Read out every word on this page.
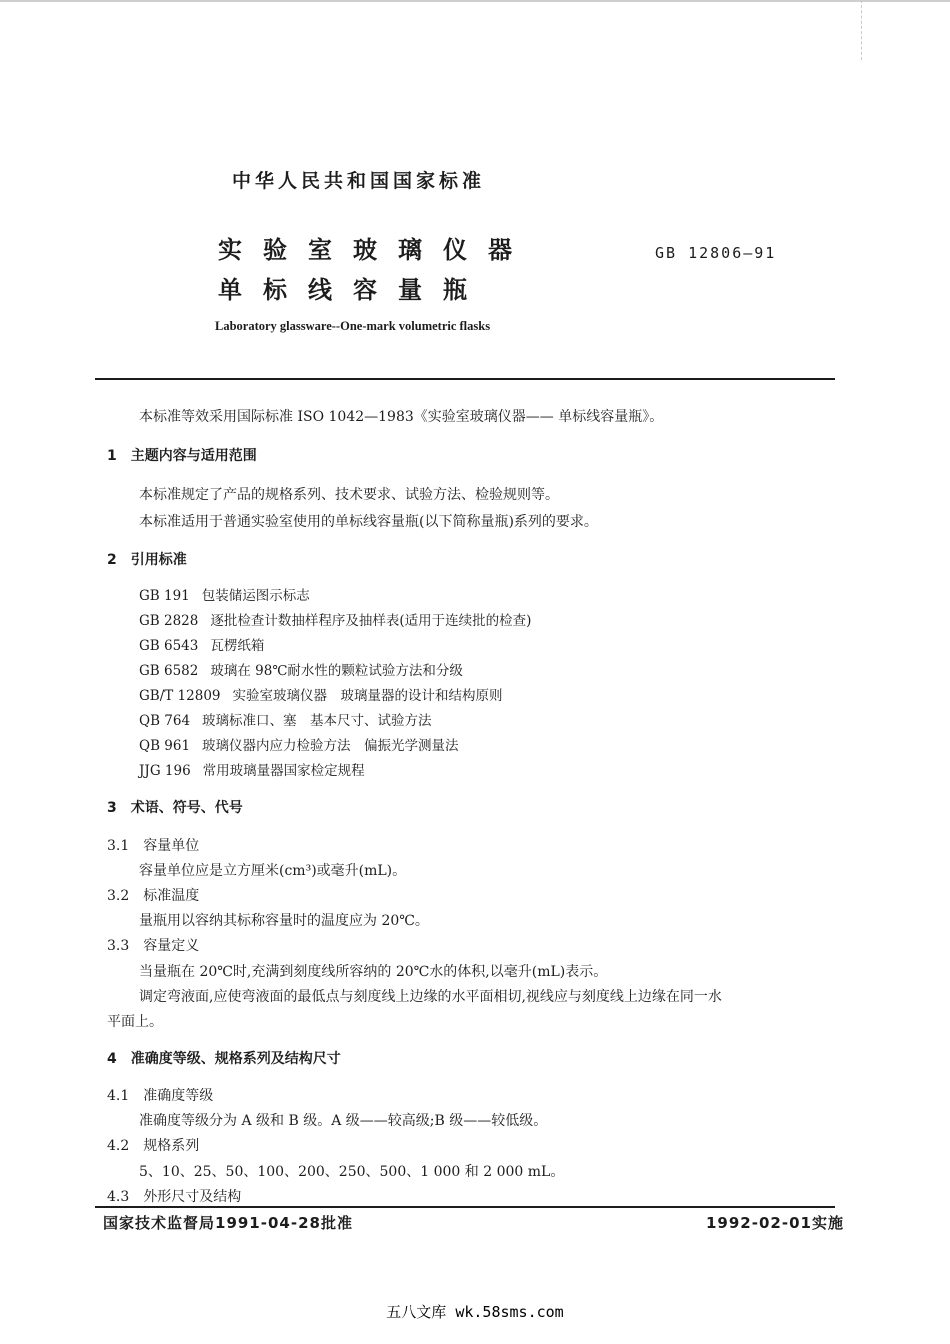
中华人民共和国国家标准
实验室玻璃仪器
单标线容量瓶
GB 12806—91
Laboratory glassware--One-mark volumetric flasks
本标准等效采用国际标准 ISO 1042—1983《实验室玻璃仪器—— 单标线容量瓶》。
1　主题内容与适用范围
本标准规定了产品的规格系列、技术要求、试验方法、检验规则等。
本标准适用于普通实验室使用的单标线容量瓶(以下简称量瓶)系列的要求。
2　引用标准
GB 191 包装储运图示标志
GB 2828 逐批检查计数抽样程序及抽样表(适用于连续批的检查)
GB 6543 瓦楞纸箱
GB 6582 玻璃在 98℃耐水性的颗粒试验方法和分级
GB/T 12809 实验室玻璃仪器　玻璃量器的设计和结构原则
QB 764 玻璃标准口、塞　基本尺寸、试验方法
QB 961 玻璃仪器内应力检验方法　偏振光学测量法
JJG 196 常用玻璃量器国家检定规程
3　术语、符号、代号
3.1　容量单位
容量单位应是立方厘米(cm³)或毫升(mL)。
3.2　标准温度
量瓶用以容纳其标称容量时的温度应为 20℃。
3.3　容量定义
当量瓶在 20℃时,充满到刻度线所容纳的 20℃水的体积,以毫升(mL)表示。
调定弯液面,应使弯液面的最低点与刻度线上边缘的水平面相切,视线应与刻度线上边缘在同一水
平面上。
4　准确度等级、规格系列及结构尺寸
4.1　准确度等级
准确度等级分为 A 级和 B 级。A 级——较高级;B 级——较低级。
4.2　规格系列
5、10、25、50、100、200、250、500、1 000 和 2 000 mL。
4.3　外形尺寸及结构
国家技术监督局1991-04-28批准	1992-02-01实施
五八文库 wk.58sms.com
